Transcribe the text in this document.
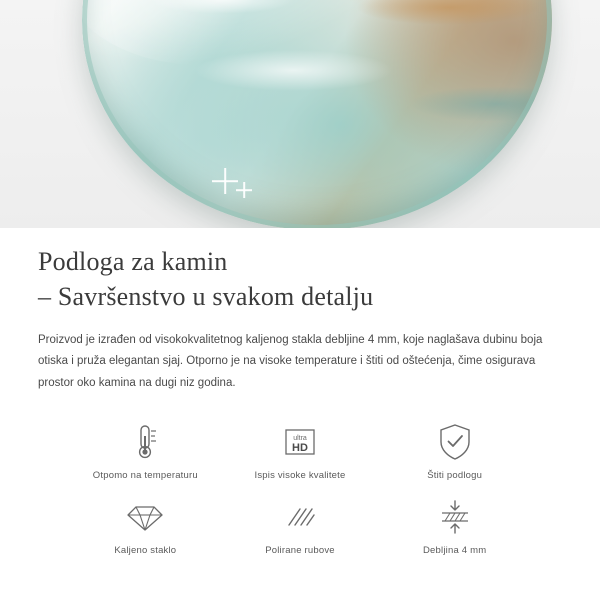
Podloga za kamin
– Savršenstvo u svakom detalju

Proizvod je izrađen od visokokvalitetnog kaljenog stakla debljine 4 mm, koje naglašava dubinu boja otiska i pruža elegantan sjaj. Otporno je na visoke temperature i štiti od oštećenja, čime osigurava prostor oko kamina na dugi niz godina.

Otpomo na temperaturu
ultra
HD
Ispis visoke kvalitete	Štiti podlogu
Kaljeno staklo	Polirane rubove	Debljina 4 mm
